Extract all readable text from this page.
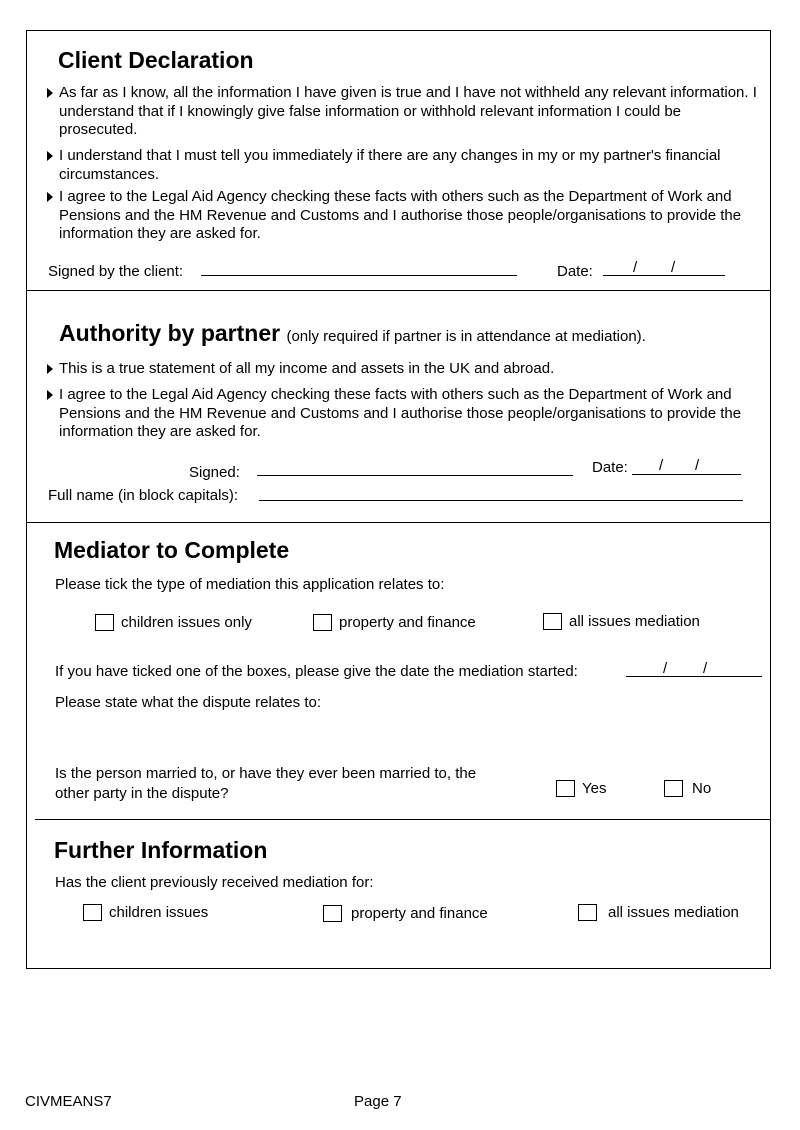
Client Declaration
As far as I know, all the information I have given is true and I have not withheld any relevant information. I understand that if I knowingly give false information or withhold relevant information I could be prosecuted.
I understand that I must tell you immediately if there are any changes in my or my partner's financial circumstances.
I agree to the Legal Aid Agency checking these facts with others such as the Department of Work and Pensions and the HM Revenue and Customs and I authorise those people/organisations to provide the information they are asked for.
Signed by the client:	Date:	/ /
Authority by partner (only required if partner is in attendance at mediation).
This is a true statement of all my income and assets in the UK and abroad.
I agree to the Legal Aid Agency checking these facts with others such as the Department of Work and Pensions and the HM Revenue and Customs and I authorise those people/organisations to provide the information they are asked for.
Signed:	Date: / /
Full name (in block capitals):
Mediator to Complete
Please tick the type of mediation this application relates to:
children issues only	property and finance	all issues mediation
If you have ticked one of the boxes, please give the date the mediation started:	/ /
Please state what the dispute relates to:
Is the person married to, or have they ever been married to, the
other party in the dispute?	Yes	No
Further Information
Has the client previously received mediation for:
children issues	property and finance	all issues mediation
CIVMEANS7	Page 7
